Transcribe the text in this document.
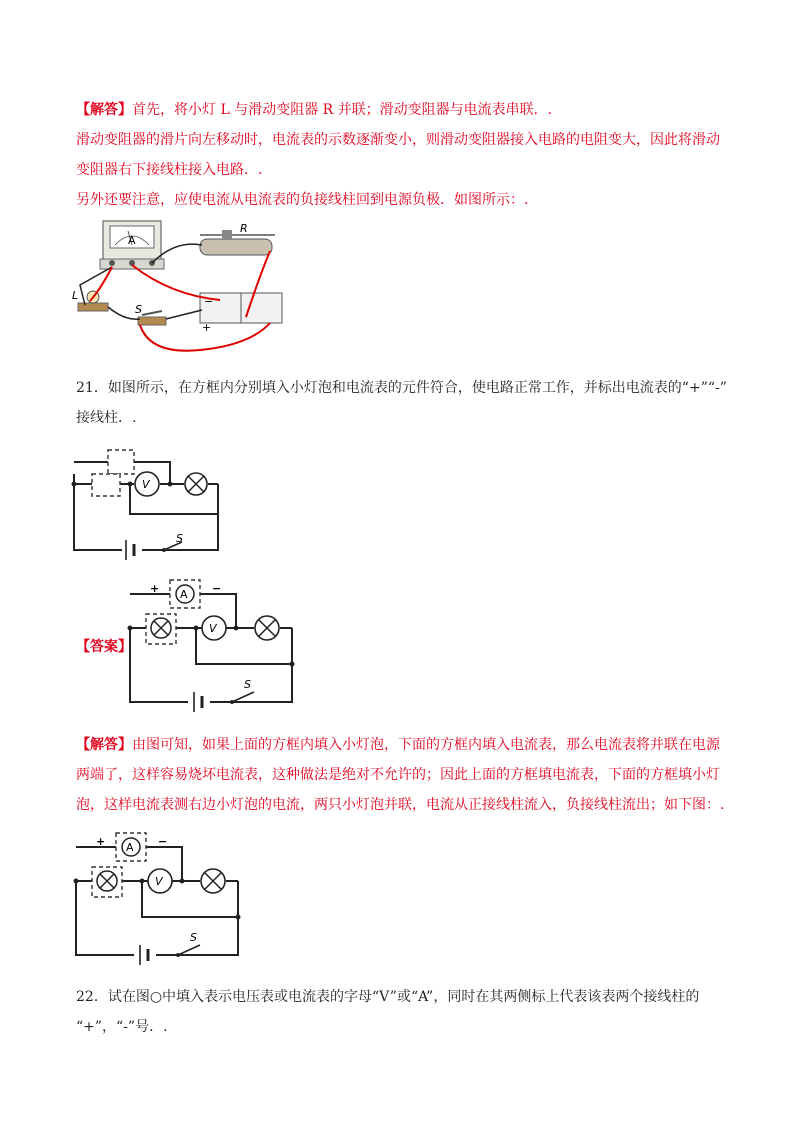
【解答】首先，将小灯 L 与滑动变阻器 R 并联；滑动变阻器与电流表串联．.
滑动变阻器的滑片向左移动时，电流表的示数逐渐变小，则滑动变阻器接入电路的电阻变大，因此将滑动
变阻器右下接线柱接入电路．.
另外还要注意，应使电流从电流表的负接线柱回到电源负极．如图所示：.
A
R
−
+
L
S
21．如图所示，在方框内分别填入小灯泡和电流表的元件符合，使电路正常工作，并标出电流表的“+”“-”
接线柱．.
V
S
【答案】
+	−
A
V
S
【解答】由图可知，如果上面的方框内填入小灯泡，下面的方框内填入电流表，那么电流表将并联在电源
两端了，这样容易烧坏电流表，这种做法是绝对不允许的；因此上面的方框填电流表，下面的方框填小灯
泡，这样电流表测右边小灯泡的电流，两只小灯泡并联，电流从正接线柱流入，负接线柱流出；如下图：.
+	−
A
V
S
22．试在图○中填入表示电压表或电流表的字母“V”或“A”，同时在其两侧标上代表该表两个接线柱的
“+”，“-”号．.
